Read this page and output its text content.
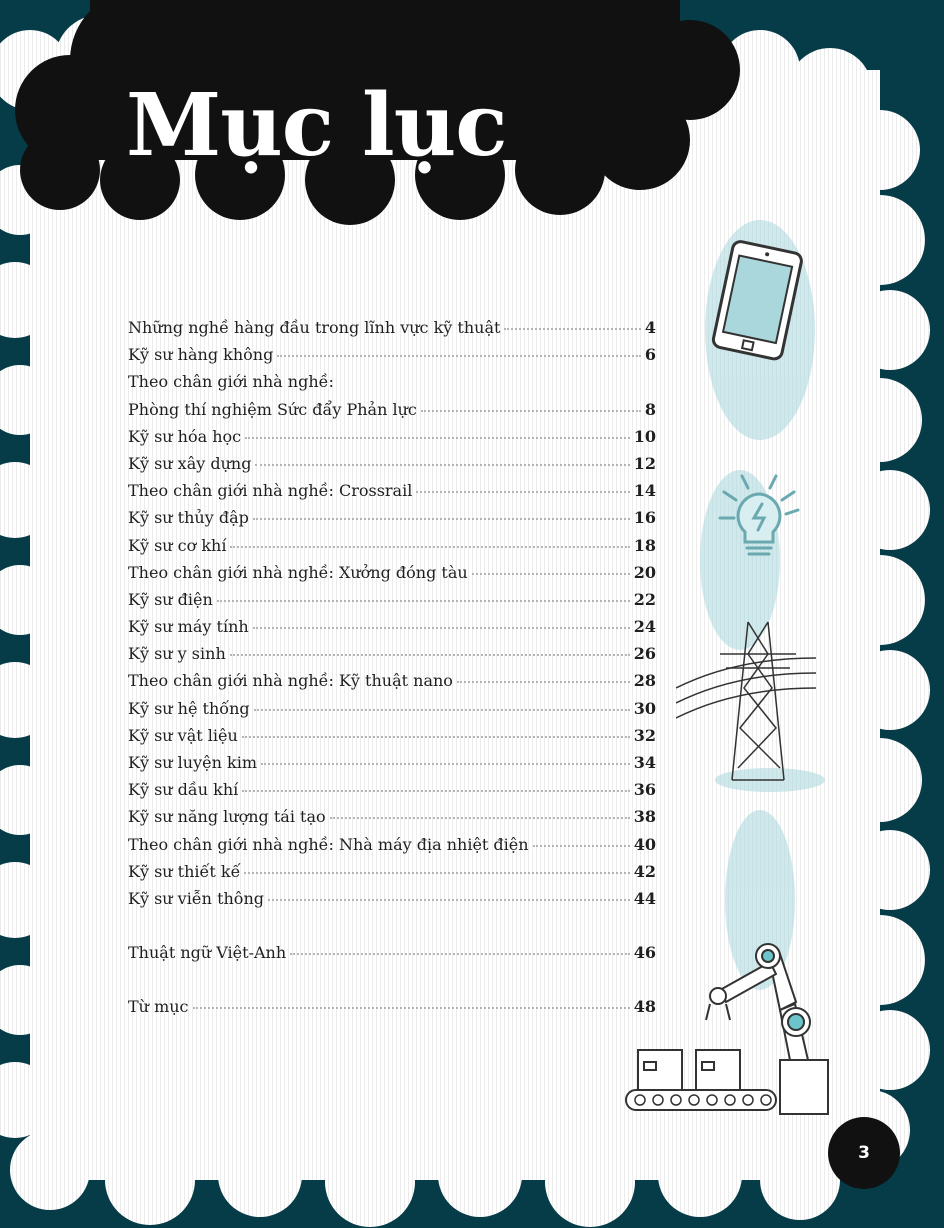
Mục lục
Những nghề hàng đầu trong lĩnh vực kỹ thuật	4
Kỹ sư hàng không	6
Theo chân giới nhà nghề:
Phòng thí nghiệm Sức đẩy Phản lực	8
Kỹ sư hóa học	10
Kỹ sư xây dựng	12
Theo chân giới nhà nghề: Crossrail	14
Kỹ sư thủy đập	16
Kỹ sư cơ khí	18
Theo chân giới nhà nghề: Xưởng đóng tàu	20
Kỹ sư điện	22
Kỹ sư máy tính	24
Kỹ sư y sinh	26
Theo chân giới nhà nghề: Kỹ thuật nano	28
Kỹ sư hệ thống	30
Kỹ sư vật liệu	32
Kỹ sư luyện kim	34
Kỹ sư dầu khí	36
Kỹ sư năng lượng tái tạo	38
Theo chân giới nhà nghề: Nhà máy địa nhiệt điện	40
Kỹ sư thiết kế	42
Kỹ sư viễn thông	44
Thuật ngữ Việt-Anh	46
Từ mục	48
3
